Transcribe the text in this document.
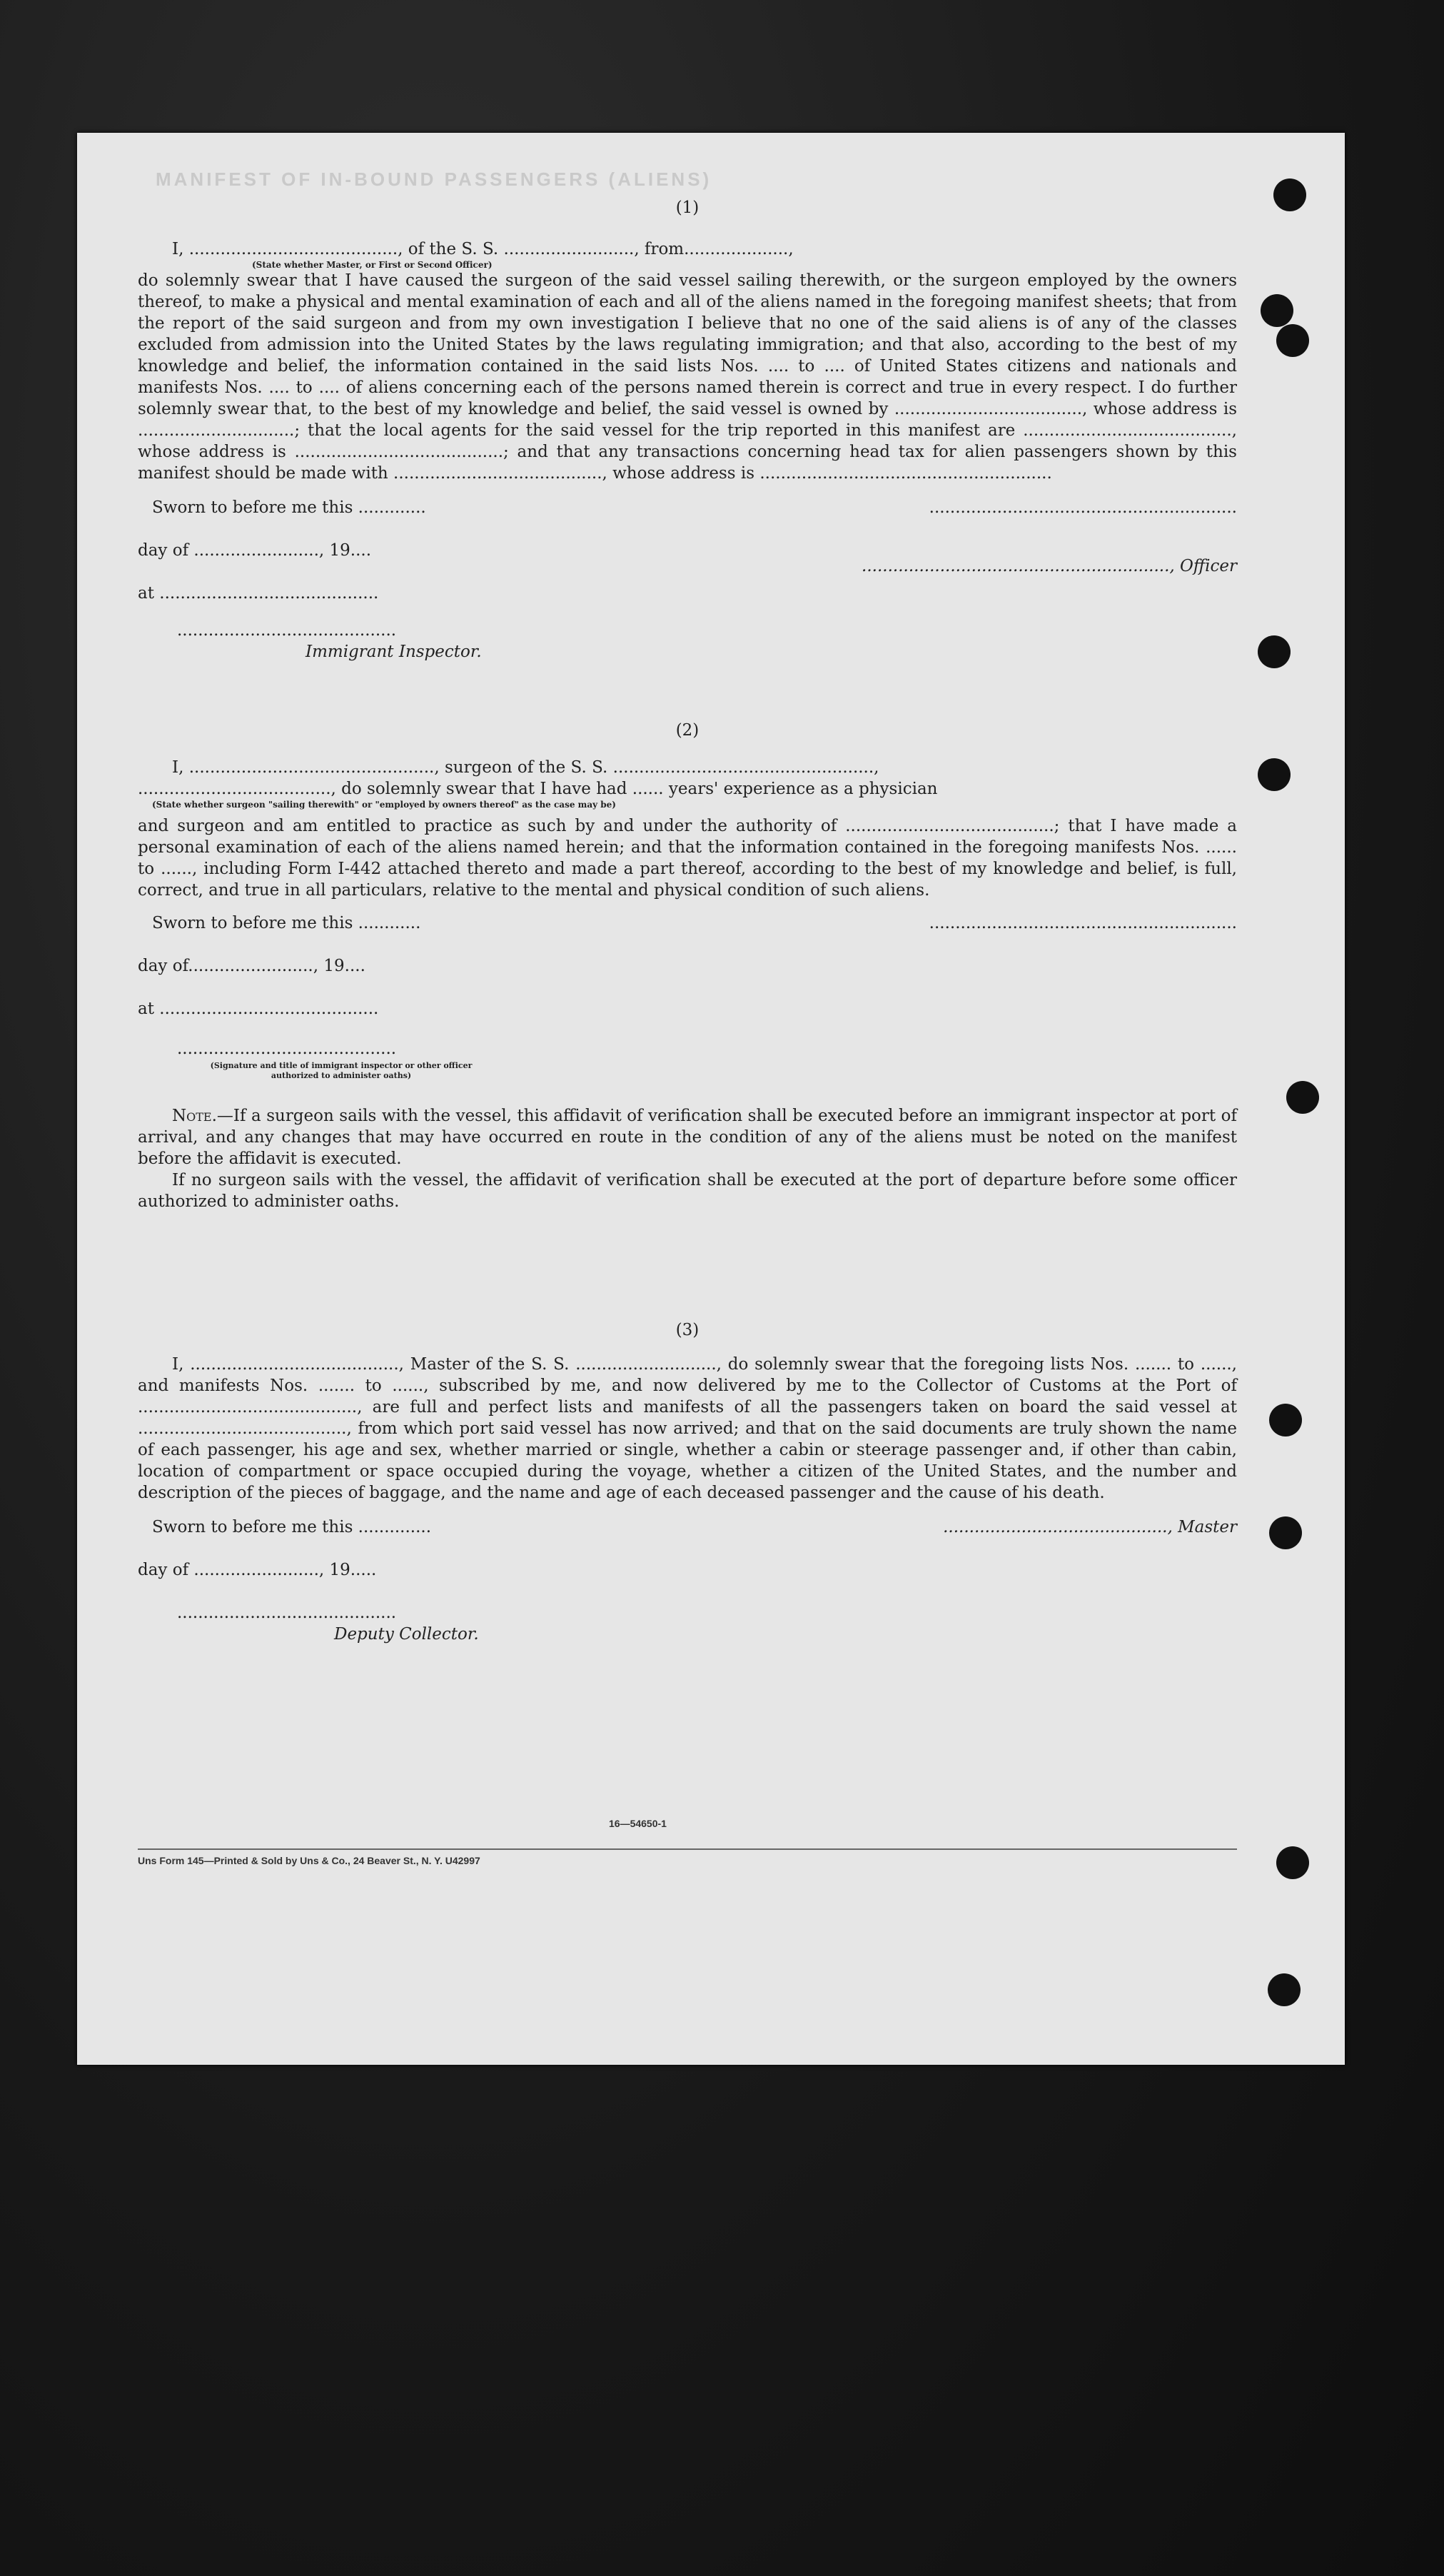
MANIFEST OF IN-BOUND PASSENGERS (ALIENS)

(1)

I, ........................................, of the S. S. ........................., from....................,

(State whether Master, or First or Second Officer)

do solemnly swear that I have caused the surgeon of the said vessel sailing therewith, or the surgeon employed by the owners thereof, to make a physical and mental examination of each and all of the aliens named in the foregoing manifest sheets; that from the report of the said surgeon and from my own investigation I believe that no one of the said aliens is of any of the classes excluded from admission into the United States by the laws regulating immigration; and that also, according to the best of my knowledge and belief, the information contained in the said lists Nos. .... to .... of United States citizens and nationals and manifests Nos. .... to .... of aliens concerning each of the persons named therein is correct and true in every respect. I do further solemnly swear that, to the best of my knowledge and belief, the said vessel is owned by ...................................., whose address is ..............................; that the local agents for the said vessel for the trip reported in this manifest are ........................................, whose address is ........................................; and that any transactions concerning head tax for alien passengers shown by this manifest should be made with ........................................, whose address is ........................................................

Sworn to before me this .............	...........................................................
day of ........................, 19....
..........................................................., Officer
at ..........................................
..........................................
Immigrant Inspector.

(2)

I, ..............................................., surgeon of the S. S. ..................................................,

....................................., do solemnly swear that I have had ...... years' experience as a physician

(State whether surgeon "sailing therewith" or "employed by owners thereof" as the case may be)

and surgeon and am entitled to practice as such by and under the authority of ........................................; that I have made a personal examination of each of the aliens named herein; and that the information contained in the foregoing manifests Nos. ...... to ......, including Form I-442 attached thereto and made a part thereof, according to the best of my knowledge and belief, is full, correct, and true in all particulars, relative to the mental and physical condition of such aliens.

Sworn to before me this ............	...........................................................
day of........................, 19....
at ..........................................
..........................................
(Signature and title of immigrant inspector or other officer authorized to administer oaths)

Note.—If a surgeon sails with the vessel, this affidavit of verification shall be executed before an immigrant inspector at port of arrival, and any changes that may have occurred en route in the condition of any of the aliens must be noted on the manifest before the affidavit is executed.

If no surgeon sails with the vessel, the affidavit of verification shall be executed at the port of departure before some officer authorized to administer oaths.

(3)

I, ........................................, Master of the S. S. ..........................., do solemnly swear that the foregoing lists Nos. ....... to ......, and manifests Nos. ....... to ......, subscribed by me, and now delivered by me to the Collector of Customs at the Port of .........................................., are full and perfect lists and manifests of all the passengers taken on board the said vessel at ........................................, from which port said vessel has now arrived; and that on the said documents are truly shown the name of each passenger, his age and sex, whether married or single, whether a cabin or steerage passenger and, if other than cabin, location of compartment or space occupied during the voyage, whether a citizen of the United States, and the number and description of the pieces of baggage, and the name and age of each deceased passenger and the cause of his death.

Sworn to before me this ..............	..........................................., Master
day of ........................, 19.....
..........................................
Deputy Collector.
16—54650-1
Uns Form 145—Printed & Sold by Uns & Co., 24 Beaver St., N. Y. U42997
